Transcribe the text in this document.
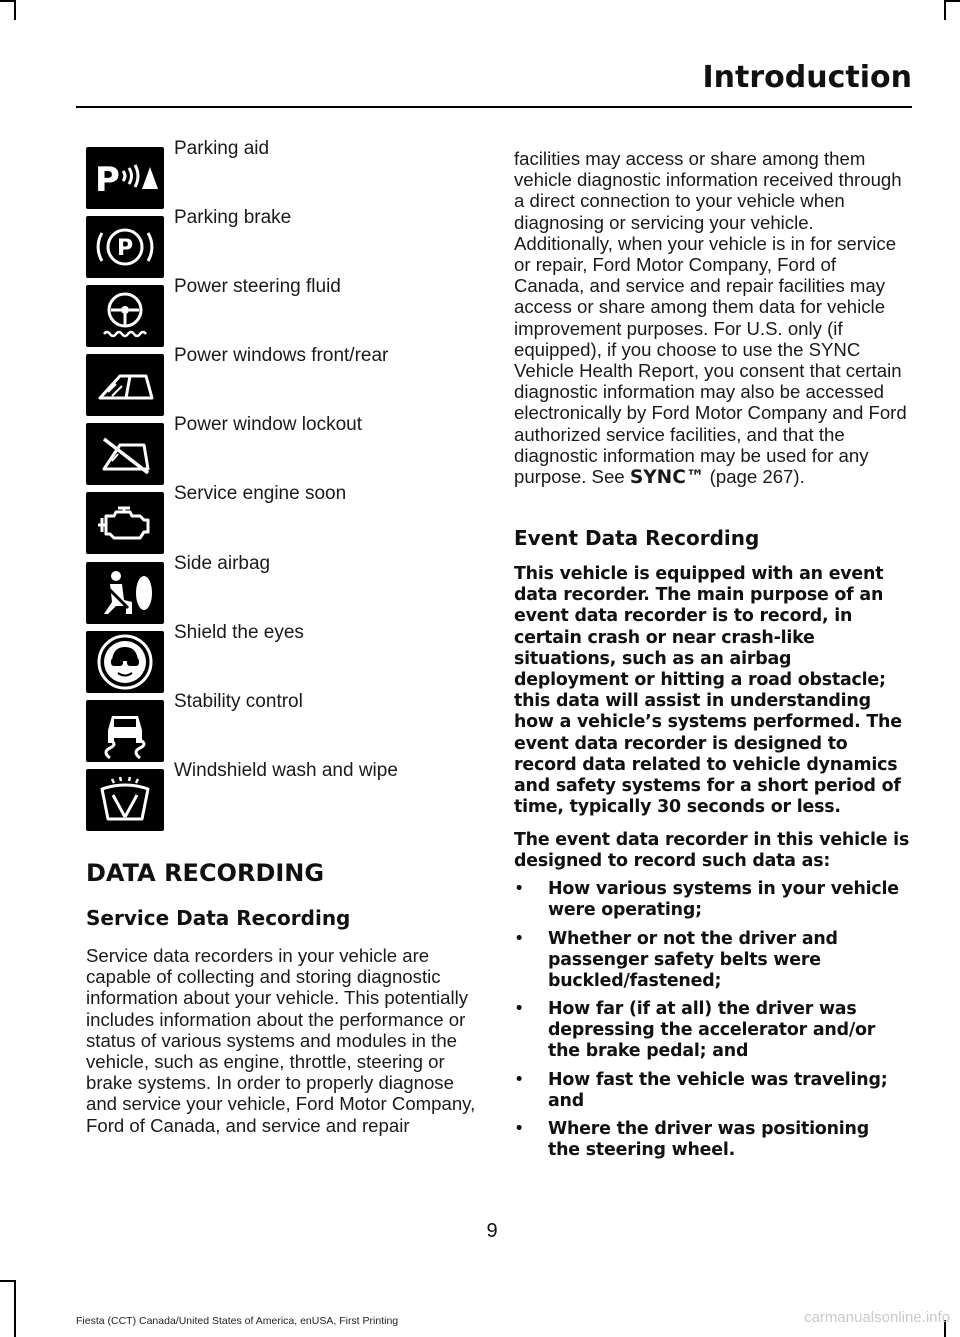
Introduction
P
Parking aid
P
Parking brake
Power steering fluid
Power windows front/rear
Power window lockout
Service engine soon
Side airbag
Shield the eyes
Stability control
Windshield wash and wipe
DATA RECORDING
Service Data Recording
Service data recorders in your vehicle are capable of collecting and storing diagnostic information about your vehicle. This potentially includes information about the performance or status of various systems and modules in the vehicle, such as engine, throttle, steering or brake systems. In order to properly diagnose and service your vehicle, Ford Motor Company, Ford of Canada, and service and repair
facilities may access or share among them vehicle diagnostic information received through a direct connection to your vehicle when diagnosing or servicing your vehicle. Additionally, when your vehicle is in for service or repair, Ford Motor Company, Ford of Canada, and service and repair facilities may access or share among them data for vehicle improvement purposes. For U.S. only (if equipped), if you choose to use the SYNC Vehicle Health Report, you consent that certain diagnostic information may also be accessed electronically by Ford Motor Company and Ford authorized service facilities, and that the diagnostic information may be used for any purpose. See SYNC™ (page 267).
Event Data Recording
This vehicle is equipped with an event data recorder. The main purpose of an event data recorder is to record, in certain crash or near crash-like situations, such as an airbag deployment or hitting a road obstacle; this data will assist in understanding how a vehicle’s systems performed. The event data recorder is designed to record data related to vehicle dynamics and safety systems for a short period of time, typically 30 seconds or less.
The event data recorder in this vehicle is designed to record such data as:
• How various systems in your vehicle were operating;
• Whether or not the driver and passenger safety belts were buckled/fastened;
• How far (if at all) the driver was depressing the accelerator and/or the brake pedal; and
• How fast the vehicle was traveling; and
• Where the driver was positioning the steering wheel.
9
Fiesta (CCT) Canada/United States of America, enUSA, First Printing	carmanualsonline.info
